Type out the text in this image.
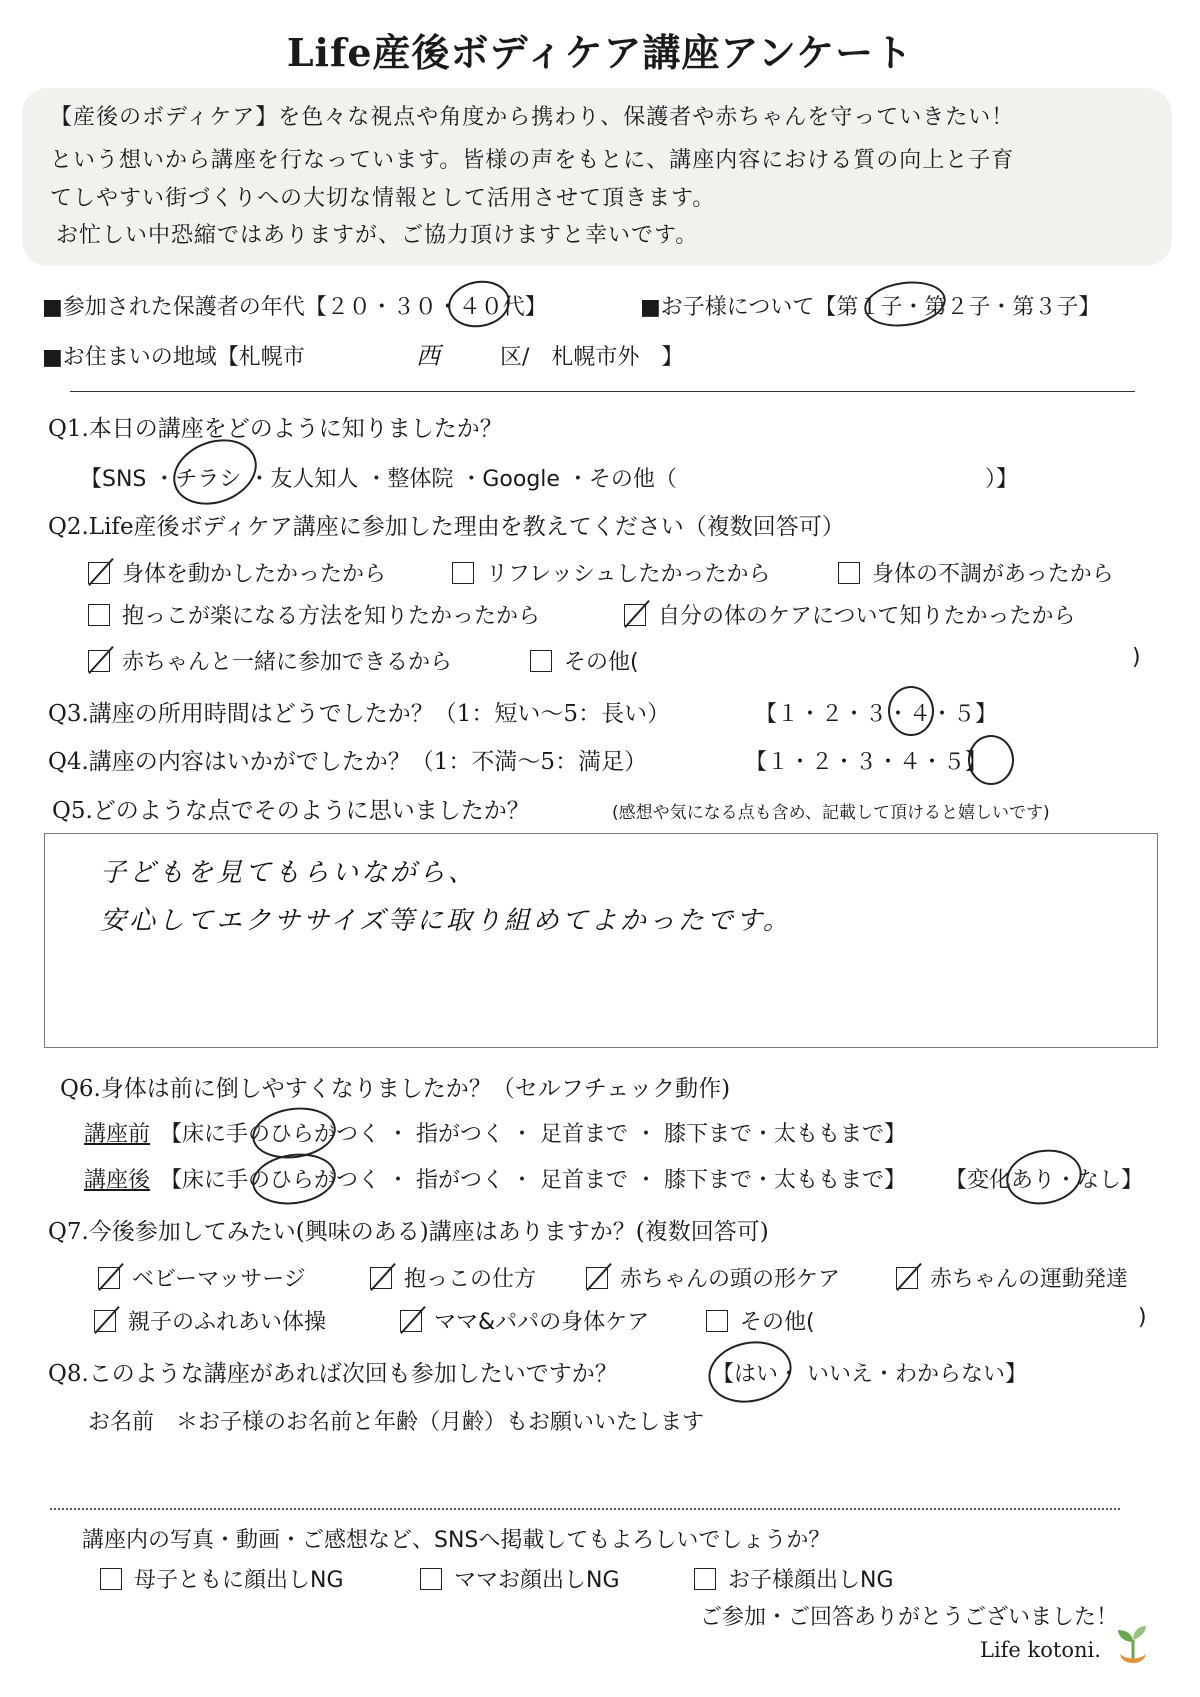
Life産後ボディケア講座アンケート
【産後のボディケア】を色々な視点や角度から携わり、保護者や赤ちゃんを守っていきたい！
という想いから講座を行なっています。皆様の声をもとに、講座内容における質の向上と子育
てしやすい街づくりへの大切な情報として活用させて頂きます。
お忙しい中恐縮ではありますが、ご協力頂けますと幸いです。
■参加された保護者の年代【２０・３０・４０代】	■お子様について【第１子・第２子・第３子】
■お住まいの地域【札幌市	西	区/　札幌市外　】
Q1.本日の講座をどのように知りましたか？
【SNS ・チラシ ・友人知人 ・整体院 ・Google ・その他（	）】
Q2.Life産後ボディケア講座に参加した理由を教えてください（複数回答可）
身体を動かしたかったから	リフレッシュしたかったから	身体の不調があったから
抱っこが楽になる方法を知りたかったから	自分の体のケアについて知りたかったから
赤ちゃんと一緒に参加できるから	その他(	)
Q3.講座の所用時間はどうでしたか？（1：短い〜5：長い）	【１・２・３・４・５】
Q4.講座の内容はいかがでしたか？（1：不満〜5：満足）	【１・２・３・４・５】
Q5.どのような点でそのように思いましたか？	(感想や気になる点も含め、記載して頂けると嬉しいです)
子どもを見てもらいながら、
安心してエクササイズ等に取り組めてよかったです。
Q6.身体は前に倒しやすくなりましたか？（セルフチェック動作)
講座前 【床に手のひらがつく ・ 指がつく ・ 足首まで ・ 膝下まで・太ももまで】
講座後 【床に手のひらがつく ・ 指がつく ・ 足首まで ・ 膝下まで・太ももまで】 【変化あり・なし】
Q7.今後参加してみたい(興味のある)講座はありますか？(複数回答可)
ベビーマッサージ	抱っこの仕方	赤ちゃんの頭の形ケア	赤ちゃんの運動発達
親子のふれあい体操	ママ&パパの身体ケア	その他(	)
Q8.このような講座があれば次回も参加したいですか？	【はい・ いいえ・わからない】
お名前　＊お子様のお名前と年齢（月齢）もお願いいたします
講座内の写真・動画・ご感想など、SNSへ掲載してもよろしいでしょうか？
母子ともに顔出しNG	ママお顔出しNG	お子様顔出しNG
ご参加・ご回答ありがとうございました！
Life kotoni.
